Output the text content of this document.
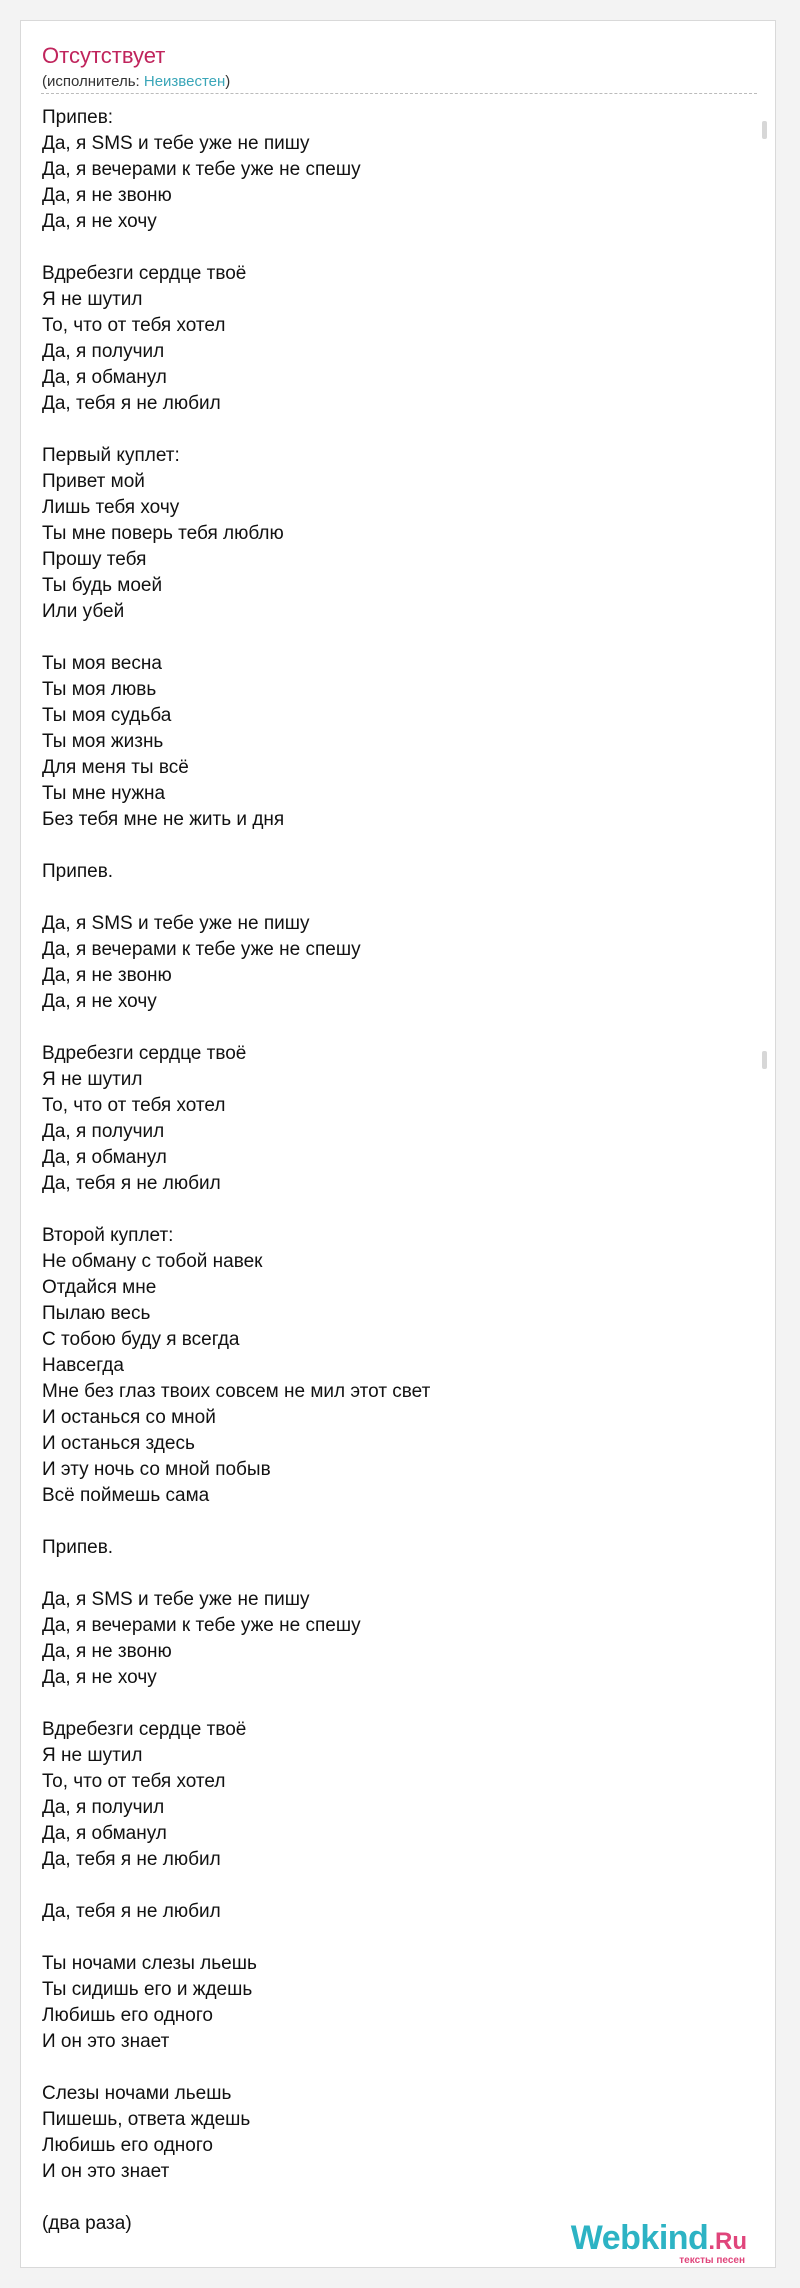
Отсутствует
(исполнитель: Неизвестен)
Припев:
Да, я SMS и тебе уже не пишу
Да, я вечерами к тебе уже не спешу
Да, я не звоню
Да, я не хочу

Вдребезги сердце твоё
Я не шутил
То, что от тебя хотел
Да, я получил
Да, я обманул
Да, тебя я не любил

Первый куплет:
Привет мой
Лишь тебя хочу
Ты мне поверь тебя люблю
Прошу тебя
Ты будь моей
Или убей

Ты моя весна
Ты моя лювь
Ты моя судьба
Ты моя жизнь
Для меня ты всё
Ты мне нужна
Без тебя мне не жить и дня

Припев.

Да, я SMS и тебе уже не пишу
Да, я вечерами к тебе уже не спешу
Да, я не звоню
Да, я не хочу

Вдребезги сердце твоё
Я не шутил
То, что от тебя хотел
Да, я получил
Да, я обманул
Да, тебя я не любил

Второй куплет:
Не обману с тобой навек
Отдайся мне
Пылаю весь
С тобою буду я всегда
Навсегда
Мне без глаз твоих совсем не мил этот свет
И останься со мной
И останься здесь
И эту ночь со мной побыв
Всё поймешь сама

Припев.

Да, я SMS и тебе уже не пишу
Да, я вечерами к тебе уже не спешу
Да, я не звоню
Да, я не хочу

Вдребезги сердце твоё
Я не шутил
То, что от тебя хотел
Да, я получил
Да, я обманул
Да, тебя я не любил

Да, тебя я не любил

Ты ночами слезы льешь
Ты сидишь его и ждешь
Любишь его одного
И он это знает

Слезы ночами льешь
Пишешь, ответа ждешь
Любишь его одного
И он это знает

(два раза)	Webkind.Ru
тексты песен
